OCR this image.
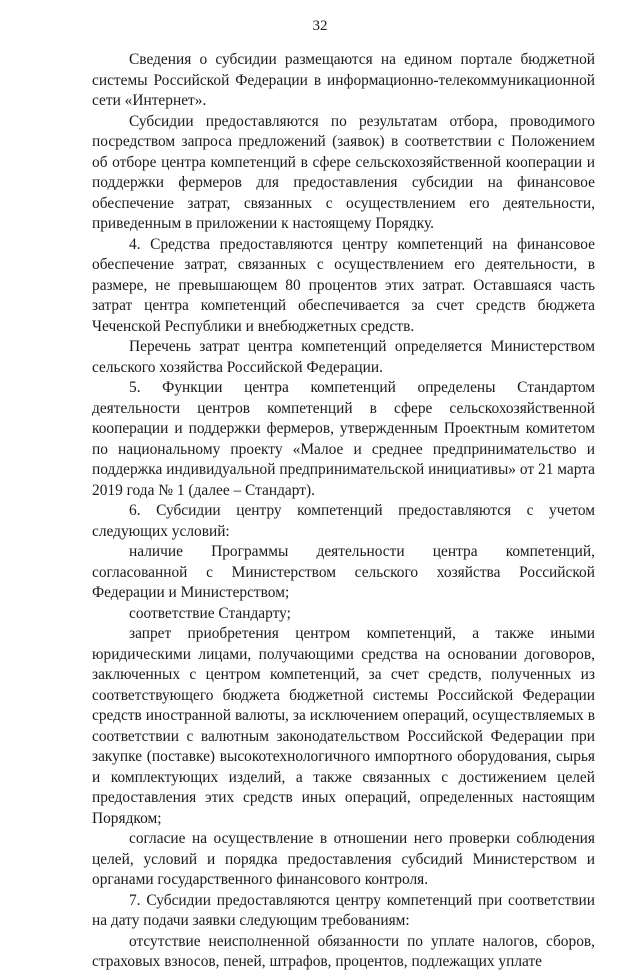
32

Сведения о субсидии размещаются на едином портале бюджетной системы Российской Федерации в информационно-телекоммуникационной сети «Интернет».

Субсидии предоставляются по результатам отбора, проводимого посредством запроса предложений (заявок) в соответствии с Положением об отборе центра компетенций в сфере сельскохозяйственной кооперации и поддержки фермеров для предоставления субсидии на финансовое обеспечение затрат, связанных с осуществлением его деятельности, приведенным в приложении к настоящему Порядку.

4. Средства предоставляются центру компетенций на финансовое обеспечение затрат, связанных с осуществлением его деятельности, в размере, не превышающем 80 процентов этих затрат. Оставшаяся часть затрат центра компетенций обеспечивается за счет средств бюджета Чеченской Республики и внебюджетных средств.

Перечень затрат центра компетенций определяется Министерством сельского хозяйства Российской Федерации.

5. Функции центра компетенций определены Стандартом деятельности центров компетенций в сфере сельскохозяйственной кооперации и поддержки фермеров, утвержденным Проектным комитетом по национальному проекту «Малое и среднее предпринимательство и поддержка индивидуальной предпринимательской инициативы» от 21 марта 2019 года № 1 (далее – Стандарт).

6. Субсидии центру компетенций предоставляются с учетом следующих условий:

наличие Программы деятельности центра компетенций, согласованной с Министерством сельского хозяйства Российской Федерации и Министерством;

соответствие Стандарту;

запрет приобретения центром компетенций, а также иными юридическими лицами, получающими средства на основании договоров, заключенных с центром компетенций, за счет средств, полученных из соответствующего бюджета бюджетной системы Российской Федерации средств иностранной валюты, за исключением операций, осуществляемых в соответствии с валютным законодательством Российской Федерации при закупке (поставке) высокотехнологичного импортного оборудования, сырья и комплектующих изделий, а также связанных с достижением целей предоставления этих средств иных операций, определенных настоящим Порядком;

согласие на осуществление в отношении него проверки соблюдения целей, условий и порядка предоставления субсидий Министерством и органами государственного финансового контроля.

7. Субсидии предоставляются центру компетенций при соответствии на дату подачи заявки следующим требованиям:

отсутствие неисполненной обязанности по уплате налогов, сборов, страховых взносов, пеней, штрафов, процентов, подлежащих уплате
